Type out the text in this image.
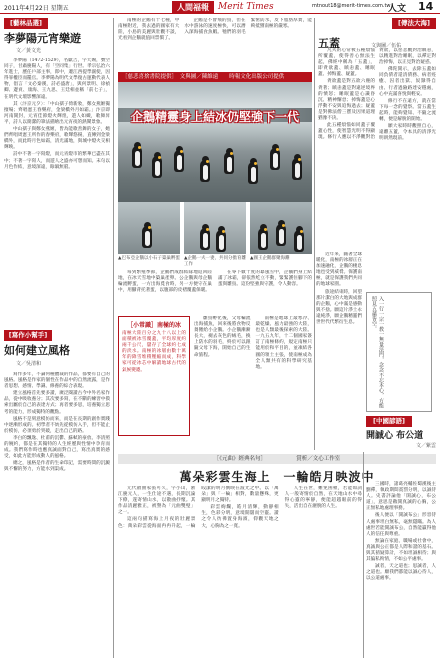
2011年4月22日 星期五	人間福報	Merit Times	mtnout18@merit-times.com.tw
人文 14
[藝林品選]
李夢陽元宵樂遊
文／黃文光

李夢陽（1472-1529），名獻吉，字天賜，號空同子，甘肅慶陽人，有「空同集」行世。孝宗弘治六年進士，歷任戶部主事，郎中，遷江西提學副使，因得罪權臣而罷官。李夢陽為明代文學復古運動代表人物，倡言「文必秦漢，詩必盛唐」，與何景明、徐禎卿、邊貢、康海、王九思、王廷相並稱「前七子」，在明代文壇影響深遠。

其〈汴京元夕〉：「中山孺子倚新妝，鄭女燕姬獨擅場；齊唱憲王春樂府，金梁橋外月如霜。」汴京即河南開封，元宵佳節燈火輝煌，遊人如織，歌舞昇平，詩人以簡潔的筆法描繪出元宵夜的熱鬧景象。

中山孺子與鄭女燕姬，皆為能歌善舞的女子，她們齊唱周憲王所作的春樂府，歌聲悠揚，直傳到金梁橋外，而此時月色如霜，清光滿地，與城中燈火交相輝映。

詩中不著一字寫燈，而元宵燈市的繁華已盡在其中；不著一字寫人，而遊人之盛亦可想而知。末句以月色作結，意境深遠，餘韻無窮。

[寫作小幫手]
如何建立風格
文／吳清和

寫作多年，不論何種體裁的作品，都要有自己的風格。風格是作家的個性在作品中的自然流露，是作者思想、感情、學識、修養的綜合表現。

建立風格首先要多讀，廣泛閱讀古今中外名家作品，從中吸收養分；其次要多寫，在不斷的練習中摸索出屬於自己的表達方式；再者要多思，培養獨立思考的能力，形成獨特的觀點。

風格不是刻意模仿而來，而是在長期的創作實踐中逐漸形成的。初學者不妨先從模仿入手，但不能止於模仿，必須勇於突破，走出自己的路。

李白的飄逸、杜甫的沉鬱、蘇軾的豪放、李清照的婉約，都是在其獨特的人生經歷與性情中孕育而成。我們寫作時也應真誠面對自己，寫出真實的感受，如此方能形成動人的風格。

總之，風格是作者的生命印記，需要時間的沉澱與不懈的努力，方能水到渠成。

南極的企鵝有十七種，中南極附近，我去過的國家有大陸，小島的美麗與壯觀不談，光看到企鵝就值回票價了。

企鵝是不會飛的鳥，但在水中游泳的速度極快，可以潛入深海捕食魚蝦。牠們的羽毛緊密防水，皮下脂肪厚實，能夠抵禦南極的嚴寒。

［慈悲喜捨書院提供］　文與圖／陳維遠　　時報文化出版公司提供
企鵝精靈身上結冰仍堅強下一代
▲巴布亞企鵝以小石子築巢孵蛋 ▲企鵝一夫一妻，共同分擔育雛工作
▲國王企鵝群聚海灘

每到繁殖季節，企鵝們成群結隊地返回陸地，在冰天雪地中築巢產卵。公企鵝與母企鵝輪流孵蛋，一方出海覓食時，另一方便守在巢中，用腳背托著蛋，以腹部的皮褶覆蓋保暖。

在零下數十度的暴風雪中，企鵝們身上結滿了冰霜，卻依然屹立不動，緊緊護住腳下的蛋與雛鳥。這份堅強與守護，令人動容。

［小常識］南極的冰
南極大陸百分之九十八以上的面積被冰雪覆蓋，平均厚度約兩千公尺，儲存了全球約七成的淡水。南極的冰層由數十萬年的降雪堆積壓縮而成，科學家可從冰芯中解讀地球古代的氣候變遷。

雛鳥孵化後，父母輪流出海捕魚，回來後將食物反芻餵給小企鵝。小企鵝漸漸長大，褪去灰色的絨毛，換上防水的羽毛，終於可以跟隨父母下海，開始自己的生命旅程。

南極是地球上最寒冷、最乾燥、風力最強的大陸，也是人類最後探索的大陸。一九五九年，十二個國家簽訂了南極條約，規定南極只能用於和平目的，並凍結各國的領土主張，使南極成為全人類共有的科學研究基地。

近年來，隨著全球暖化，南極的冰層正在加速融化，企鵝的棲息地也受到威脅。保護南極，就是保護我們共同的地球家園。

旅途結束時，回望那片潔白的大地與成群的企鵝，心中滿是感動與不捨。願這片淨土永遠純淨，願企鵝精靈們世世代代繁衍生息。

[傳法大海]
五蓋	文與圖／伍佑

凡夫的心常被五種煩惱所覆蓋，使得善心無法生起，佛經中稱為「五蓋」，即貪欲蓋、瞋恚蓋、睡眠蓋、掉悔蓋、疑蓋。

貪欲蓋是對五欲六塵的貪著；瞋恚蓋是對違逆境界的憤怒；睡眠蓋是心識昏沉、精神懈怠；掉悔蓋是心浮動不安與追悔過去；疑蓋是對佛法僧三寶及因果道理猶豫不決。

此五種煩惱如同蓋子覆蓋心性，使智慧光明不得顯現。修行人應以不淨觀對治貪欲，以慈悲觀對治瞋恚，以精進對治睡眠，以禪定對治掉悔，以正見對治疑惑。

佛陀開示，去除五蓋如同負債者還清債務、病者痊癒、囚者出獄、奴隸得自由、行者過險路達安穩處，心中充滿喜悅與輕安。

修行不在遠方，就在當下每一念的覺察。當五蓋生起時，能夠覺知、不隨之流轉，便是解脫的開始。

願大家時時觀照自心，遠離五蓋，令本具的清淨光明朗然現前。

入一行一宗一教一無量法門，念念不忘本心，方能照見五蘊皆空。
[中國諺語]
開誠心 布公道
文／紫雲
［《元曲》經典名句］　　　　　　賞析／文心工作室
萬朵彩雲生海上　一輪皓月映波中

元代散曲家張可久，字小山，浙江慶元人，一生仕途不遇，長期沉淪下僚，遂寄情山水，以散曲抒懷。其作品清麗雅正，被譽為「元曲雙璧」之一。

這兩句描寫海上月夜的壯麗景色：萬朵彩雲從海面冉冉升起，一輪皎潔的明月倒映在波光之中。以「萬朵」與「一輪」相對，數量懸殊，更顯明月之獨特。

彩雲絢爛，皓月清輝，動靜相生，色彩分明，意境開闊而空靈。讀之令人彷彿置身海濱，仰觀天地之大，心胸為之一寬。

人生在世，難免困頓，若能如詞人一般寄情於自然，在天地山水中尋得心靈的寧靜，便能超越眼前的得失，活出自在灑脫的人生。

三國時，諸葛亮輔佐蜀漢後主劉禪，執政期間賞罰分明，以誠待人。史書評論他「開誠心，布公道」，意思是敞開真誠的心胸，公正無私地處理事務。

後人便以「開誠布公」形容待人處事坦白無私，毫無隱瞞。為人處世若能開誠布公，自然能贏得他人的信任與尊重。

無論在家庭、職場或社會中，真誠與公正都是人際和諧的基石。與其猜疑算計，不如坦誠相待；與其偏私徇情，不如公平處事。

誠者，天之道也；思誠者，人之道也。願我們都能以誠心待人，以公道處事。
